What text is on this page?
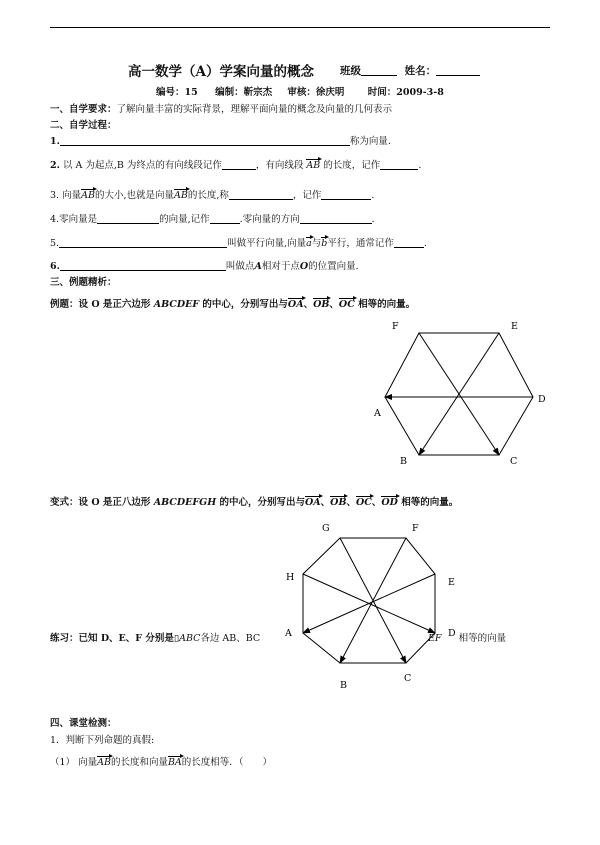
高一数学（A）学案向量的概念 班级	姓名：
编号：15 编制：靳宗杰 审核：徐庆明 时间：2009-3-8
一、自学要求：了解向量丰富的实际背景，理解平面向量的概念及向量的几何表示
二、自学过程：
1.	称为向量.
2. 以 A 为起点,B 为终点的有向线段记作	，有向线段 AB 的长度，记作	.
3. 向量AB的大小,也就是向量AB的长度,称	，记作	.
4.零向量是	的向量,记作	.零向量的方向	.
5.	叫做平行向量,向量a与b平行，通常记作	.
6.	叫做点A相对于点O的位置向量.
三、例题精析：
例题：设 O 是正六边形 ABCDEF 的中心，分别写出与OA、OB、OC 相等的向量。
F	E
D
A
B	C
变式：设 O 是正八边形 ABCDEFGH 的中心，分别写出与OA、OB、OC、OD 相等的向量。
G	F
H	E
A	D
B
C
练习：已知 D、E、F 分别是▯ABC各边 AB、BC	EF 相等的向量
四、课堂检测：
1．判断下列命题的真假:
（1） 向量AB的长度和向量BA的长度相等．（　　）
